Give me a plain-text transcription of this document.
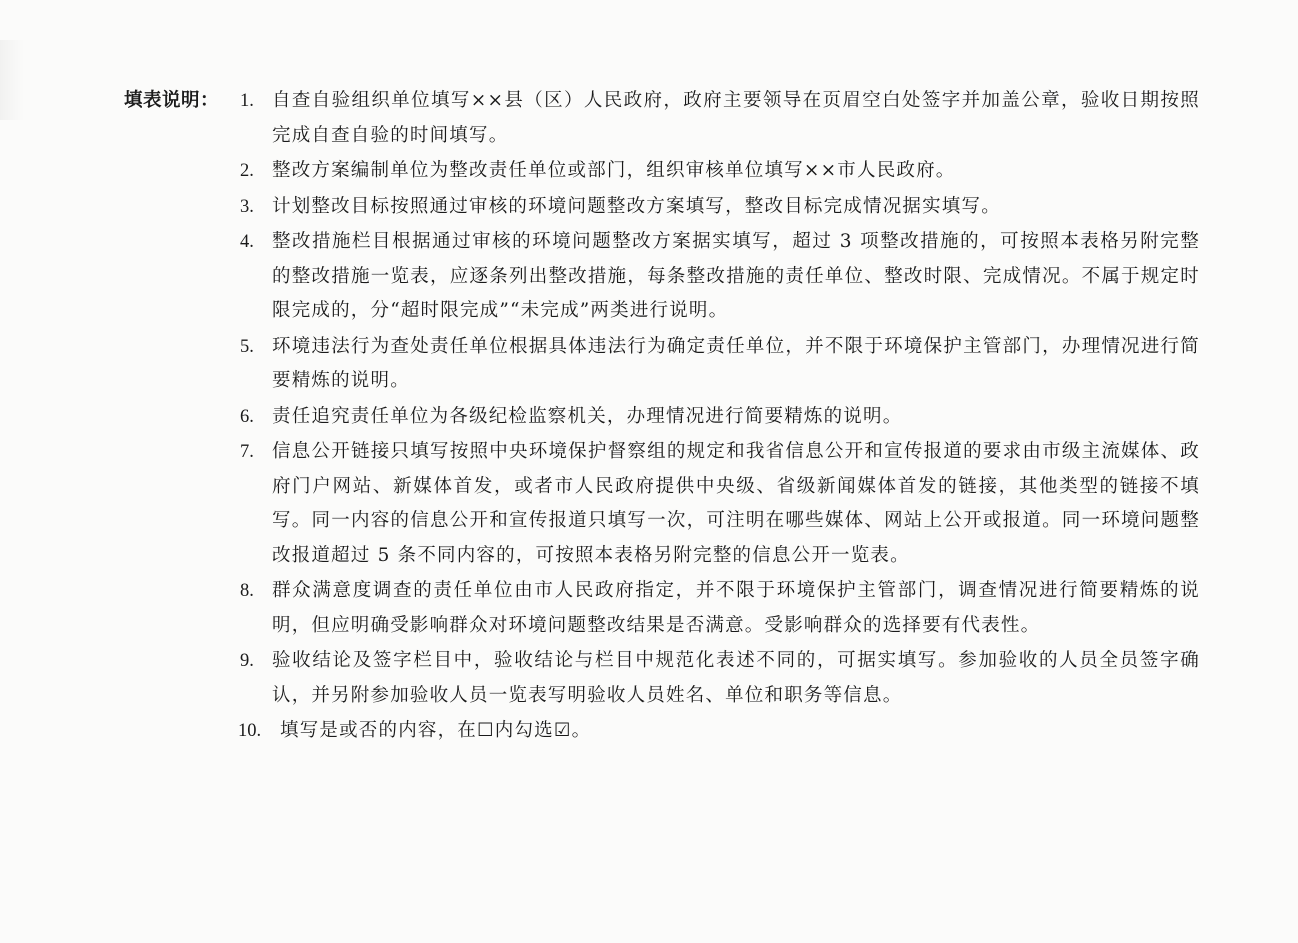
填表说明： 1. 自查自验组织单位填写××县（区）人民政府，政府主要领导在页眉空白处签字并加盖公章，验收日期按照完成自查自验的时间填写。
2. 整改方案编制单位为整改责任单位或部门，组织审核单位填写××市人民政府。
3. 计划整改目标按照通过审核的环境问题整改方案填写，整改目标完成情况据实填写。
4. 整改措施栏目根据通过审核的环境问题整改方案据实填写，超过 3 项整改措施的，可按照本表格另附完整的整改措施一览表，应逐条列出整改措施，每条整改措施的责任单位、整改时限、完成情况。不属于规定时限完成的，分“超时限完成”“未完成”两类进行说明。
5. 环境违法行为查处责任单位根据具体违法行为确定责任单位，并不限于环境保护主管部门，办理情况进行简要精炼的说明。
6. 责任追究责任单位为各级纪检监察机关，办理情况进行简要精炼的说明。
7. 信息公开链接只填写按照中央环境保护督察组的规定和我省信息公开和宣传报道的要求由市级主流媒体、政府门户网站、新媒体首发，或者市人民政府提供中央级、省级新闻媒体首发的链接，其他类型的链接不填写。同一内容的信息公开和宣传报道只填写一次，可注明在哪些媒体、网站上公开或报道。同一环境问题整改报道超过 5 条不同内容的，可按照本表格另附完整的信息公开一览表。
8. 群众满意度调查的责任单位由市人民政府指定，并不限于环境保护主管部门，调查情况进行简要精炼的说明，但应明确受影响群众对环境问题整改结果是否满意。受影响群众的选择要有代表性。
9. 验收结论及签字栏目中，验收结论与栏目中规范化表述不同的，可据实填写。参加验收的人员全员签字确认，并另附参加验收人员一览表写明验收人员姓名、单位和职务等信息。
10. 填写是或否的内容，在☐内勾选☑。
